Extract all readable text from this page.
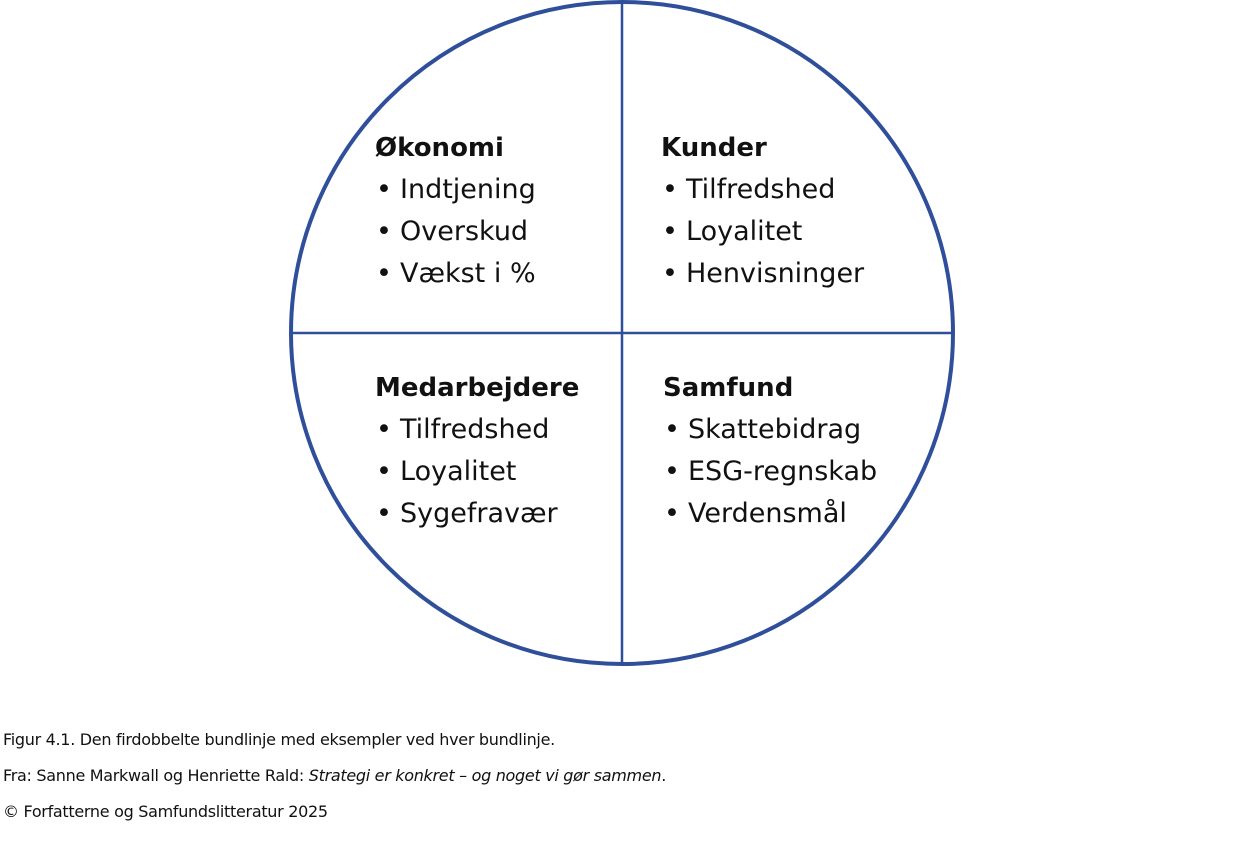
Økonomi
• Indtjening
• Overskud
• Vækst i %
Kunder
• Tilfredshed
• Loyalitet
• Henvisninger
Medarbejdere
• Tilfredshed
• Loyalitet
• Sygefravær
Samfund
• Skattebidrag
• ESG-regnskab
• Verdensmål
Figur 4.1. Den firdobbelte bundlinje med eksempler ved hver bundlinje.
Fra: Sanne Markwall og Henriette Rald: Strategi er konkret – og noget vi gør sammen.
© Forfatterne og Samfundslitteratur 2025
